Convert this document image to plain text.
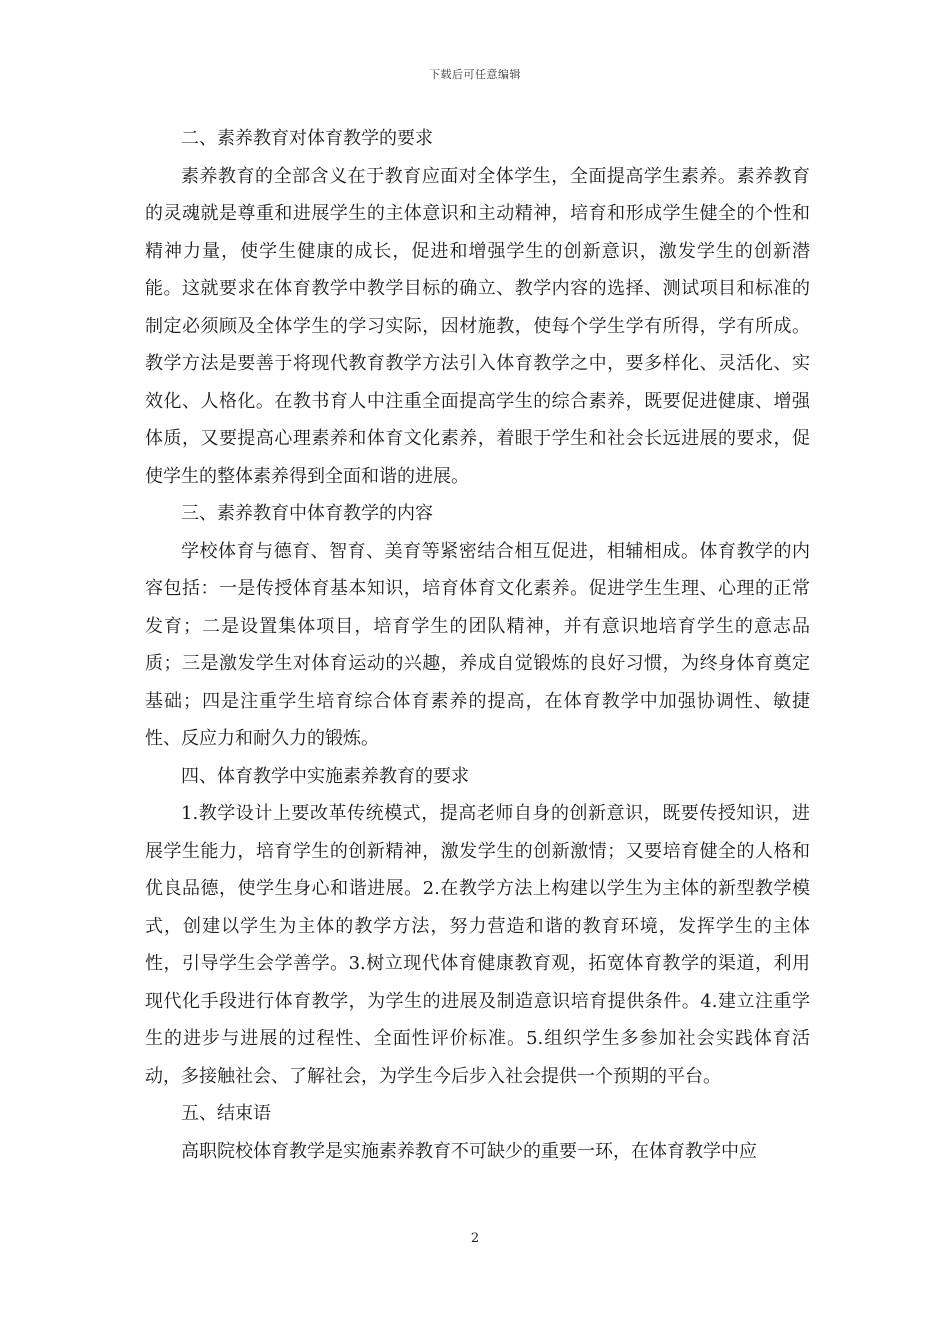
下载后可任意编辑

二、素养教育对体育教学的要求

素养教育的全部含义在于教育应面对全体学生，全面提高学生素养。素养教育的灵魂就是尊重和进展学生的主体意识和主动精神，培育和形成学生健全的个性和精神力量，使学生健康的成长，促进和增强学生的创新意识，激发学生的创新潜能。这就要求在体育教学中教学目标的确立、教学内容的选择、测试项目和标准的制定必须顾及全体学生的学习实际，因材施教，使每个学生学有所得，学有所成。教学方法是要善于将现代教育教学方法引入体育教学之中，要多样化、灵活化、实效化、人格化。在教书育人中注重全面提高学生的综合素养，既要促进健康、增强体质，又要提高心理素养和体育文化素养，着眼于学生和社会长远进展的要求，促使学生的整体素养得到全面和谐的进展。

三、素养教育中体育教学的内容

学校体育与德育、智育、美育等紧密结合相互促进，相辅相成。体育教学的内容包括：一是传授体育基本知识，培育体育文化素养。促进学生生理、心理的正常发育；二是设置集体项目，培育学生的团队精神，并有意识地培育学生的意志品质；三是激发学生对体育运动的兴趣，养成自觉锻炼的良好习惯，为终身体育奠定基础；四是注重学生培育综合体育素养的提高，在体育教学中加强协调性、敏捷性、反应力和耐久力的锻炼。

四、体育教学中实施素养教育的要求

1.教学设计上要改革传统模式，提高老师自身的创新意识，既要传授知识，进展学生能力，培育学生的创新精神，激发学生的创新激情；又要培育健全的人格和优良品德，使学生身心和谐进展。2.在教学方法上构建以学生为主体的新型教学模式，创建以学生为主体的教学方法，努力营造和谐的教育环境，发挥学生的主体性，引导学生会学善学。3.树立现代体育健康教育观，拓宽体育教学的渠道，利用现代化手段进行体育教学，为学生的进展及制造意识培育提供条件。4.建立注重学生的进步与进展的过程性、全面性评价标准。5.组织学生多参加社会实践体育活动，多接触社会、了解社会，为学生今后步入社会提供一个预期的平台。

五、结束语

高职院校体育教学是实施素养教育不可缺少的重要一环，在体育教学中应

2
